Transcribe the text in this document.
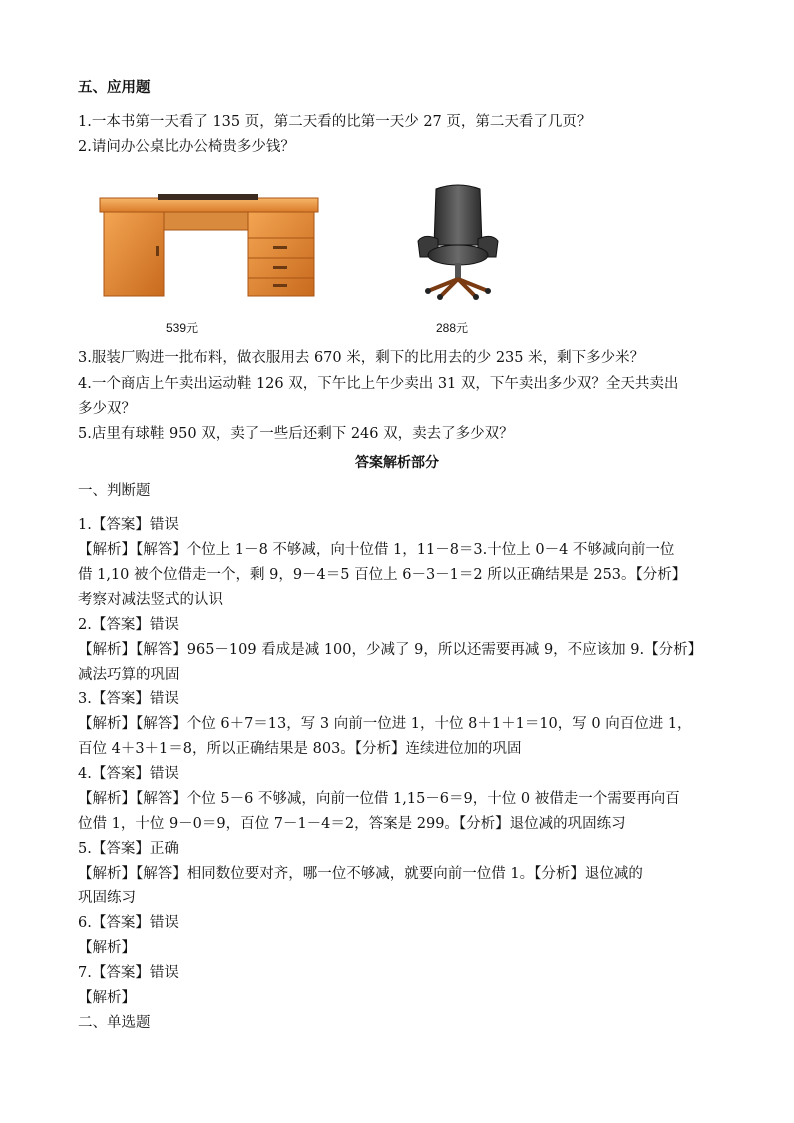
五、应用题
1.一本书第一天看了 135 页，第二天看的比第一天少 27 页，第二天看了几页？
2.请问办公桌比办公椅贵多少钱？
539元	288元
3.服装厂购进一批布料，做衣服用去 670 米，剩下的比用去的少 235 米，剩下多少米？
4.一个商店上午卖出运动鞋 126 双，下午比上午少卖出 31 双，下午卖出多少双？全天共卖出
多少双？
5.店里有球鞋 950 双，卖了一些后还剩下 246 双，卖去了多少双？
答案解析部分
一、判断题
1.【答案】错误
【解析】【解答】个位上 1－8 不够减，向十位借 1，11－8＝3.十位上 0－4 不够减向前一位
借 1,10 被个位借走一个，剩 9，9－4＝5 百位上 6－3－1＝2 所以正确结果是 253。【分析】
考察对减法竖式的认识
2.【答案】错误
【解析】【解答】965－109 看成是减 100，少减了 9，所以还需要再减 9，不应该加 9.【分析】
减法巧算的巩固
3.【答案】错误
【解析】【解答】个位 6＋7＝13，写 3 向前一位进 1，十位 8＋1＋1＝10，写 0 向百位进 1，
百位 4＋3＋1＝8，所以正确结果是 803。【分析】连续进位加的巩固
4.【答案】错误
【解析】【解答】个位 5－6 不够减，向前一位借 1,15－6＝9，十位 0 被借走一个需要再向百
位借 1，十位 9－0＝9，百位 7－1－4＝2，答案是 299。【分析】退位减的巩固练习
5.【答案】正确
【解析】【解答】相同数位要对齐，哪一位不够减，就要向前一位借 1。【分析】退位减的
巩固练习
6.【答案】错误
【解析】
7.【答案】错误
【解析】
二、单选题
